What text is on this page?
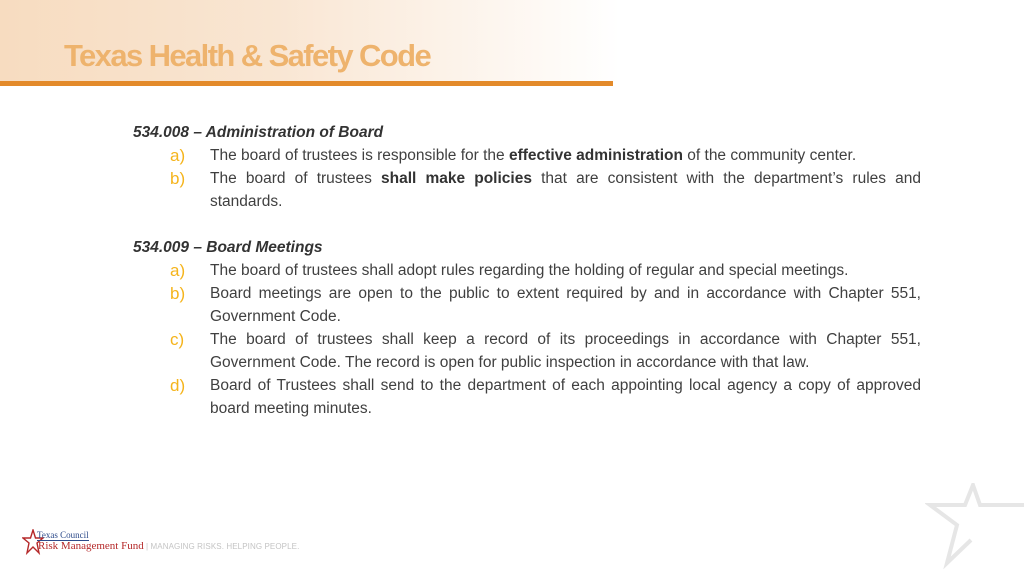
Texas Health & Safety Code

534.008 – Administration of Board

a) The board of trustees is responsible for the effective administration of the community center.
b) The board of trustees shall make policies that are consistent with the department’s rules and standards.

534.009 – Board Meetings

a) The board of trustees shall adopt rules regarding the holding of regular and special meetings.
b) Board meetings are open to the public to extent required by and in accordance with Chapter 551, Government Code.
c) The board of trustees shall keep a record of its proceedings in accordance with Chapter 551, Government Code. The record is open for public inspection in accordance with that law.
d) Board of Trustees shall send to the department of each appointing local agency a copy of approved board meeting minutes.
Texas Council
Risk Management Fund | MANAGING RISKS. HELPING PEOPLE.
